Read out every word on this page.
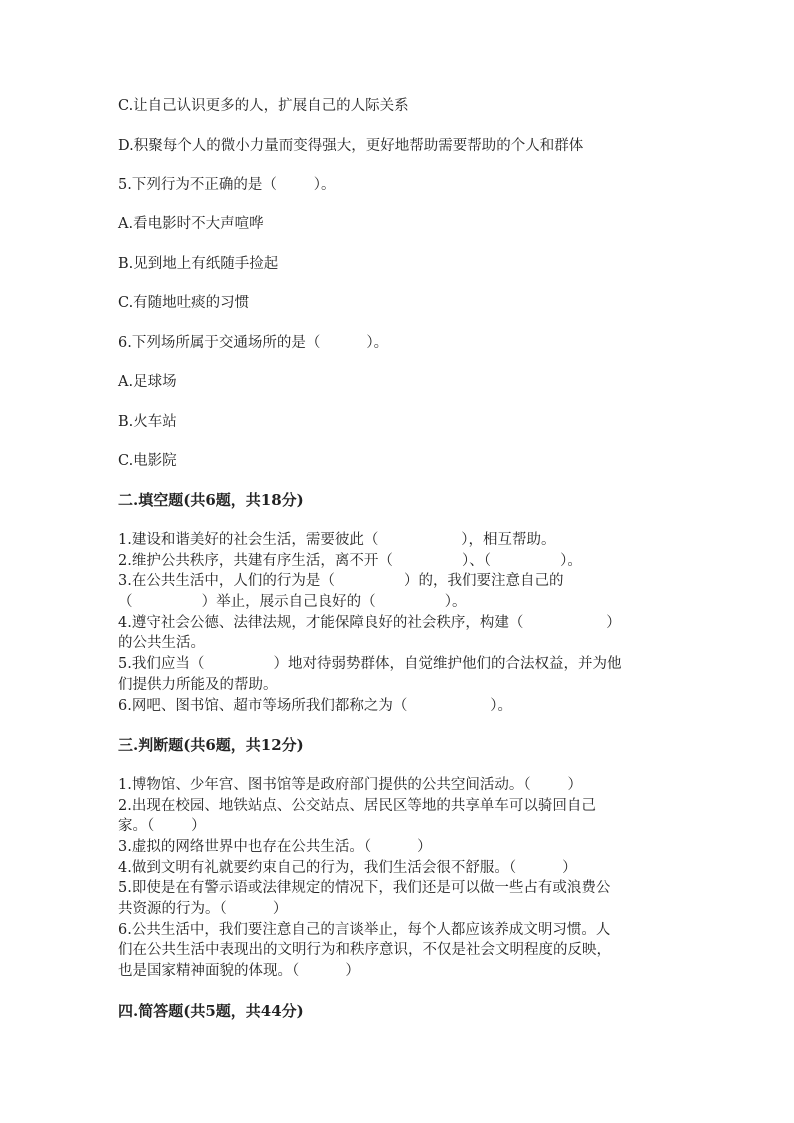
C.让自己认识更多的人，扩展自己的人际关系
D.积聚每个人的微小力量而变得强大，更好地帮助需要帮助的个人和群体
5.下列行为不正确的是（        ）。
A.看电影时不大声喧哗
B.见到地上有纸随手捡起
C.有随地吐痰的习惯
6.下列场所属于交通场所的是（          ）。
A.足球场
B.火车站
C.电影院
二.填空题(共6题，共18分)
1.建设和谐美好的社会生活，需要彼此（                  ），相互帮助。
2.维护公共秩序，共建有序生活，离不开（               ）、（               ）。
3.在公共生活中，人们的行为是（               ）的，我们要注意自己的
（               ）举止，展示自己良好的（               ）。
4.遵守社会公德、法律法规，才能保障良好的社会秩序，构建（                  ）
的公共生活。
5.我们应当（               ）地对待弱势群体，自觉维护他们的合法权益，并为他
们提供力所能及的帮助。
6.网吧、图书馆、超市等场所我们都称之为（                  ）。
三.判断题(共6题，共12分)
1.博物馆、少年宫、图书馆等是政府部门提供的公共空间活动。（        ）
2.出现在校园、地铁站点、公交站点、居民区等地的共享单车可以骑回自己
家。（        ）
3.虚拟的网络世界中也存在公共生活。（          ）
4.做到文明有礼就要约束自己的行为，我们生活会很不舒服。（          ）
5.即使是在有警示语或法律规定的情况下，我们还是可以做一些占有或浪费公
共资源的行为。（          ）
6.公共生活中，我们要注意自己的言谈举止，每个人都应该养成文明习惯。人
们在公共生活中表现出的文明行为和秩序意识，不仅是社会文明程度的反映，
也是国家精神面貌的体现。（          ）
四.简答题(共5题，共44分)
